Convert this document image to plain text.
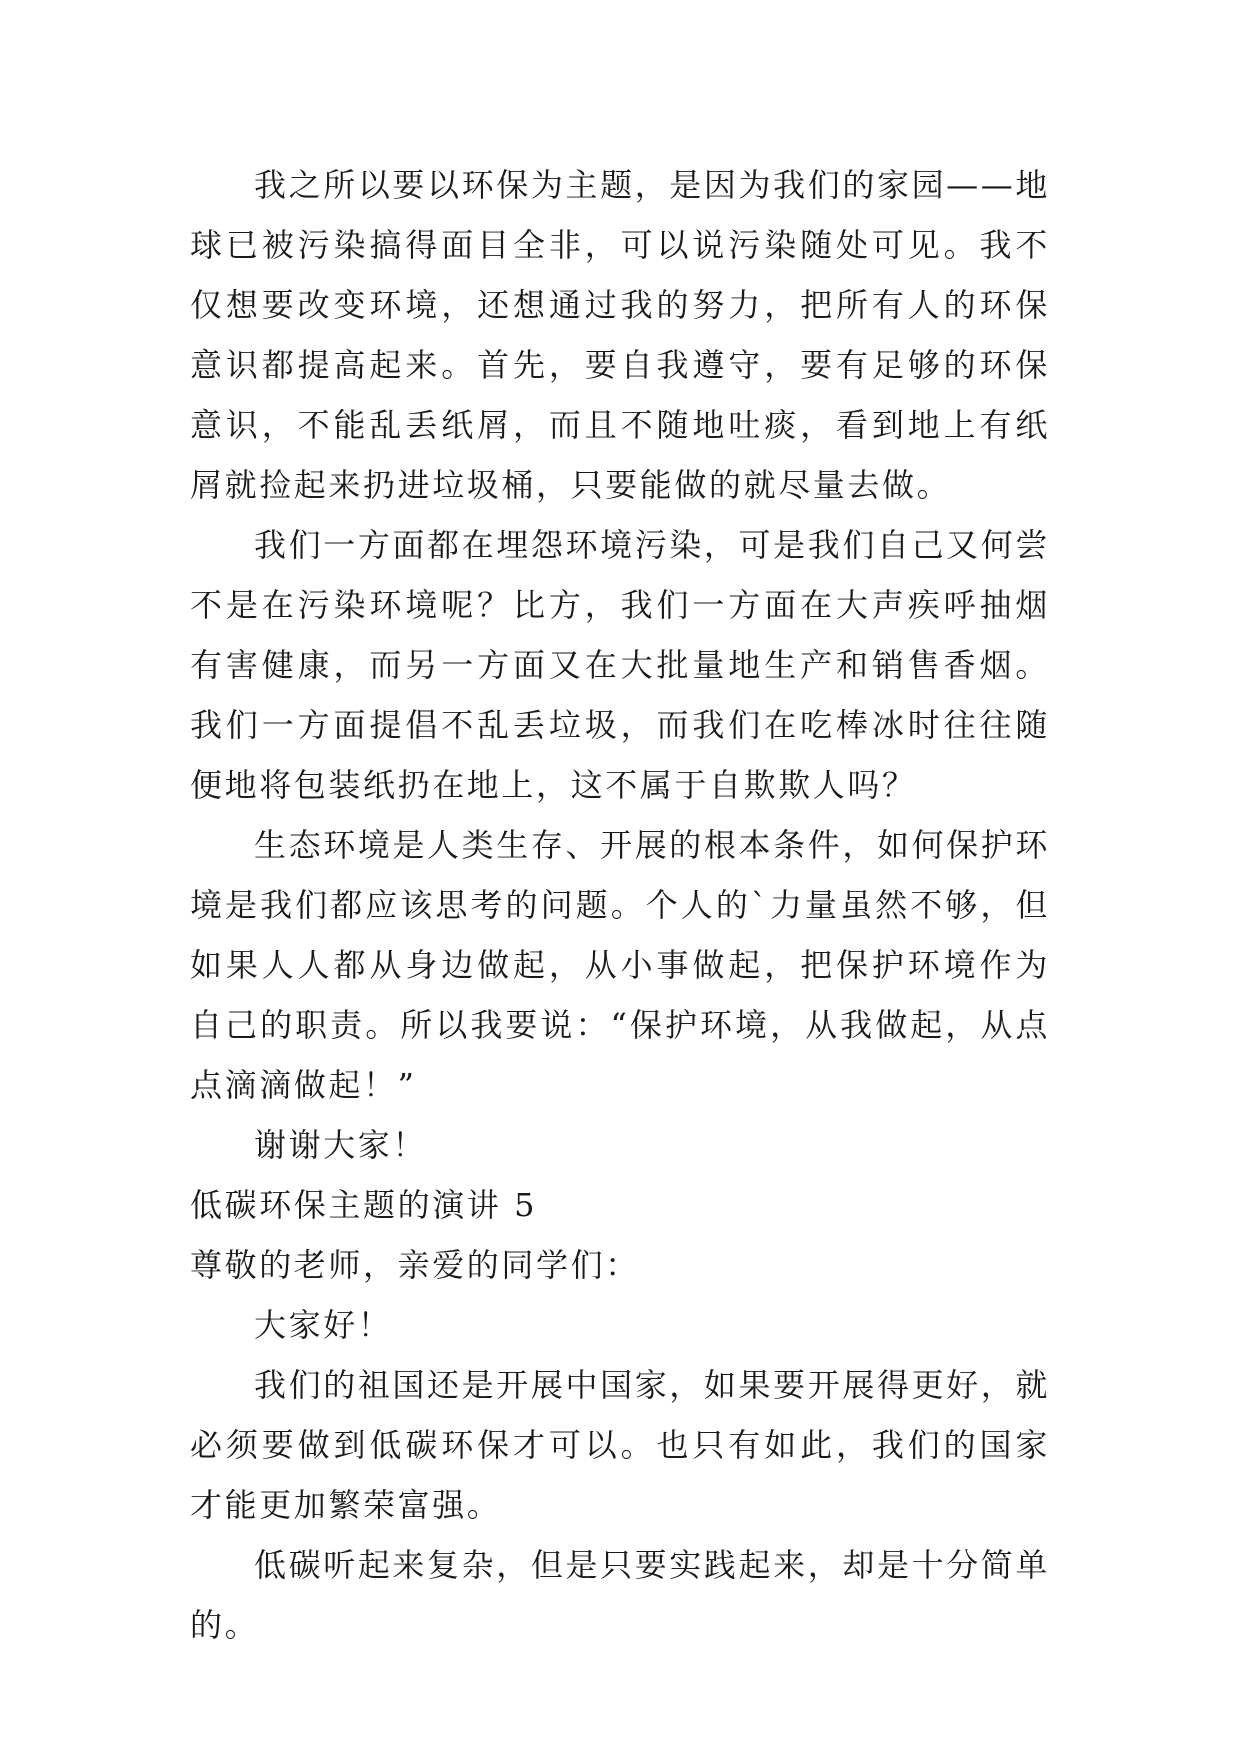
我之所以要以环保为主题，是因为我们的家园——地球已被污染搞得面目全非，可以说污染随处可见。我不仅想要改变环境，还想通过我的努力，把所有人的环保意识都提高起来。首先，要自我遵守，要有足够的环保意识，不能乱丢纸屑，而且不随地吐痰，看到地上有纸屑就捡起来扔进垃圾桶，只要能做的就尽量去做。

我们一方面都在埋怨环境污染，可是我们自己又何尝不是在污染环境呢？比方，我们一方面在大声疾呼抽烟有害健康，而另一方面又在大批量地生产和销售香烟。我们一方面提倡不乱丢垃圾，而我们在吃棒冰时往往随便地将包装纸扔在地上，这不属于自欺欺人吗？

生态环境是人类生存、开展的根本条件，如何保护环境是我们都应该思考的问题。个人的`力量虽然不够，但如果人人都从身边做起，从小事做起，把保护环境作为自己的职责。所以我要说：“保护环境，从我做起，从点点滴滴做起！”

谢谢大家！

低碳环保主题的演讲 5

尊敬的老师，亲爱的同学们：

大家好！

我们的祖国还是开展中国家，如果要开展得更好，就必须要做到低碳环保才可以。也只有如此，我们的国家才能更加繁荣富强。

低碳听起来复杂，但是只要实践起来，却是十分简单的。
